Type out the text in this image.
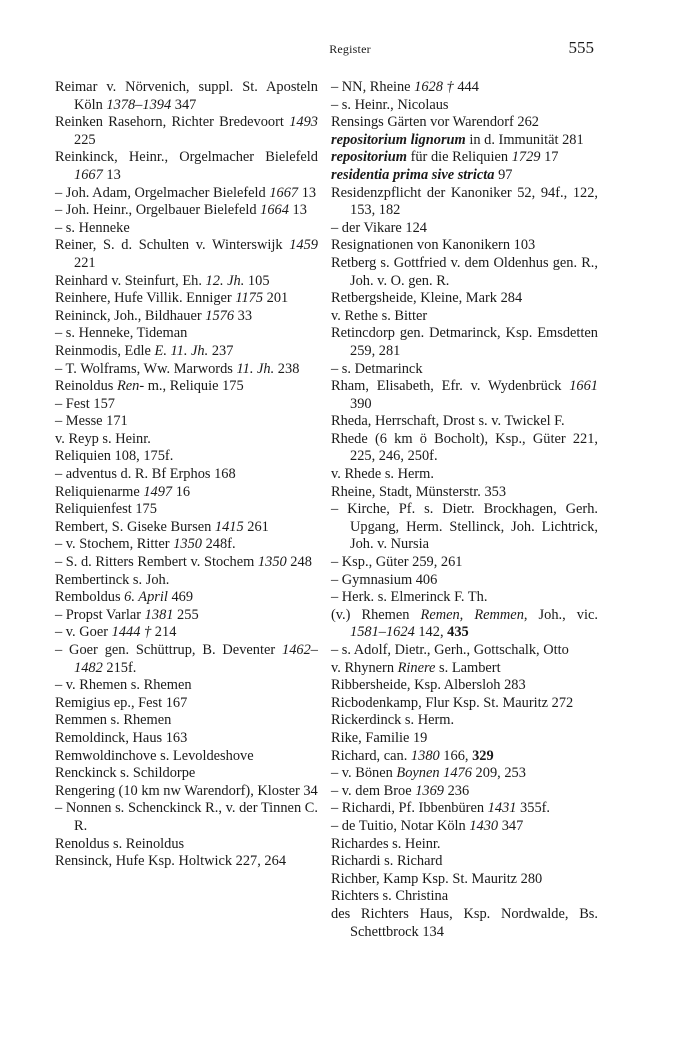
Register	555
Reimar v. Nörvenich, suppl. St. Aposteln Köln 1378–1394 347
Reinken Rasehorn, Richter Bredevoort 1493 225
Reinkinck, Heinr., Orgelmacher Bielefeld 1667 13
– Joh. Adam, Orgelmacher Bielefeld 1667 13
– Joh. Heinr., Orgelbauer Bielefeld 1664 13
– s. Henneke
Reiner, S. d. Schulten v. Winterswijk 1459 221
Reinhard v. Steinfurt, Eh. 12. Jh. 105
Reinhere, Hufe Villik. Enniger 1175 201
Reininck, Joh., Bildhauer 1576 33
– s. Henneke, Tideman
Reinmodis, Edle E. 11. Jh. 237
– T. Wolframs, Ww. Marwords 11. Jh. 238
Reinoldus Ren- m., Reliquie 175
– Fest 157
– Messe 171
v. Reyp s. Heinr.
Reliquien 108, 175f.
– adventus d. R. Bf Erphos 168
Reliquienarme 1497 16
Reliquienfest 175
Rembert, S. Giseke Bursen 1415 261
– v. Stochem, Ritter 1350 248f.
– S. d. Ritters Rembert v. Stochem 1350 248
Rembertinck s. Joh.
Remboldus 6. April 469
– Propst Varlar 1381 255
– v. Goer 1444 † 214
– Goer gen. Schüttrup, B. Deventer 1462–1482 215f.
– v. Rhemen s. Rhemen
Remigius ep., Fest 167
Remmen s. Rhemen
Remoldinck, Haus 163
Remwoldinchove s. Levoldeshove
Renckinck s. Schildorpe
Rengering (10 km nw Warendorf), Kloster 34
– Nonnen s. Schenckinck R., v. der Tinnen C. R.
Renoldus s. Reinoldus
Rensinck, Hufe Ksp. Holtwick 227, 264
– NN, Rheine 1628 † 444
– s. Heinr., Nicolaus
Rensings Gärten vor Warendorf 262
repositorium lignorum in d. Immunität 281
repositorium für die Reliquien 1729 17
residentia prima sive stricta 97
Residenzpflicht der Kanoniker 52, 94f., 122, 153, 182
– der Vikare 124
Resignationen von Kanonikern 103
Retberg s. Gottfried v. dem Oldenhus gen. R., Joh. v. O. gen. R.
Retbergsheide, Kleine, Mark 284
v. Rethe s. Bitter
Retincdorp gen. Detmarinck, Ksp. Emsdetten 259, 281
– s. Detmarinck
Rham, Elisabeth, Efr. v. Wydenbrück 1661 390
Rheda, Herrschaft, Drost s. v. Twickel F.
Rhede (6 km ö Bocholt), Ksp., Güter 221, 225, 246, 250f.
v. Rhede s. Herm.
Rheine, Stadt, Münsterstr. 353
– Kirche, Pf. s. Dietr. Brockhagen, Gerh. Upgang, Herm. Stellinck, Joh. Lichtrick, Joh. v. Nursia
– Ksp., Güter 259, 261
– Gymnasium 406
– Herk. s. Elmerinck F. Th.
(v.) Rhemen Remen, Remmen, Joh., vic. 1581–1624 142, 435
– s. Adolf, Dietr., Gerh., Gottschalk, Otto
v. Rhynern Rinere s. Lambert
Ribbersheide, Ksp. Albersloh 283
Ricbodenkamp, Flur Ksp. St. Mauritz 272
Rickerdinck s. Herm.
Rike, Familie 19
Richard, can. 1380 166, 329
– v. Bönen Boynen 1476 209, 253
– v. dem Broe 1369 236
– Richardi, Pf. Ibbenbüren 1431 355f.
– de Tuitio, Notar Köln 1430 347
Richardes s. Heinr.
Richardi s. Richard
Richber, Kamp Ksp. St. Mauritz 280
Richters s. Christina
des Richters Haus, Ksp. Nordwalde, Bs. Schettbrock 134
